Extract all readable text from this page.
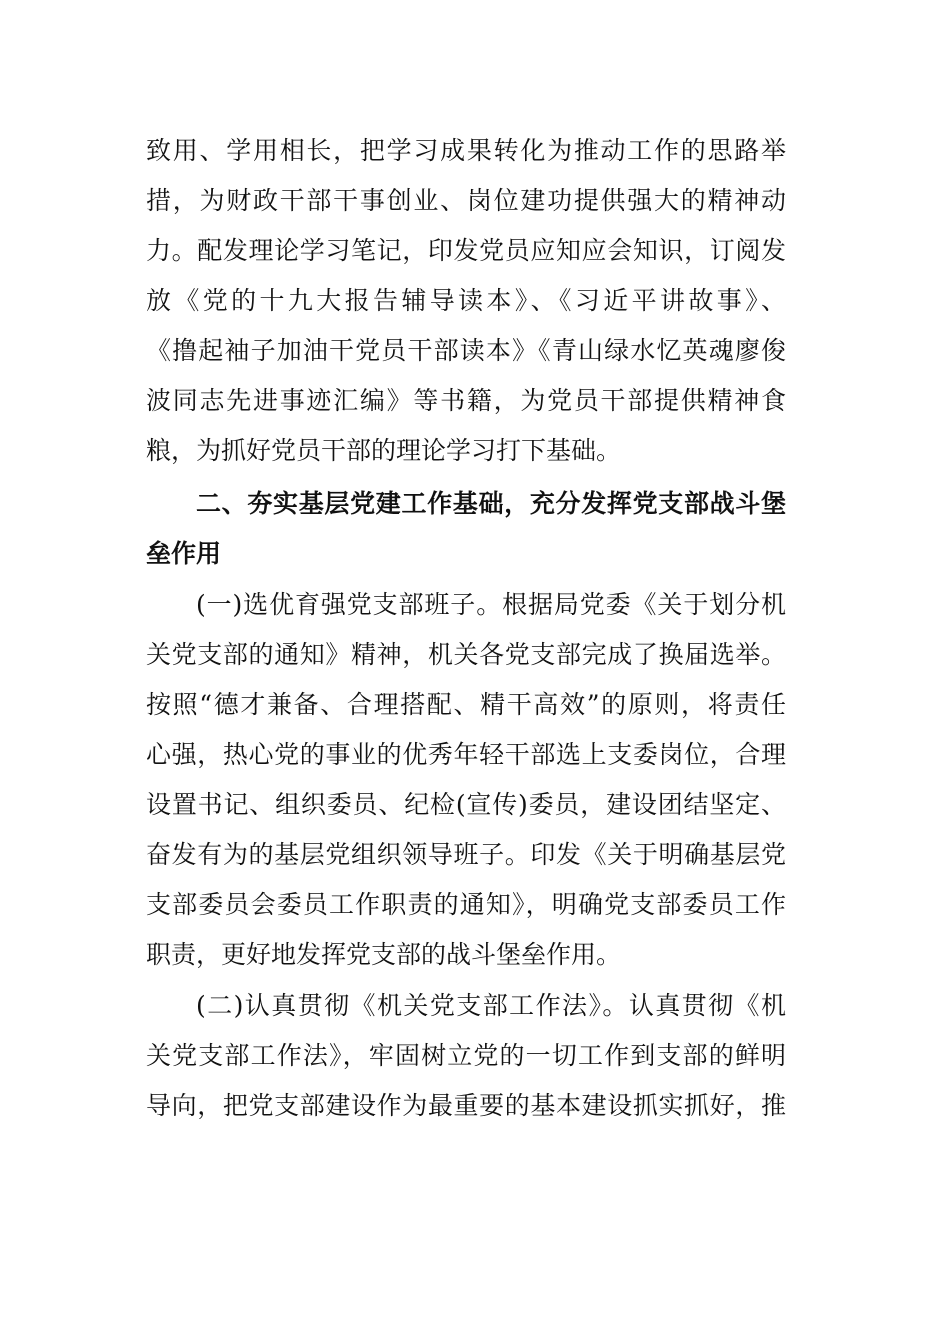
致用、学用相长，把学习成果转化为推动工作的思路举
措，为财政干部干事创业、岗位建功提供强大的精神动
力。配发理论学习笔记，印发党员应知应会知识，订阅发
放《党的十九大报告辅导读本》、《习近平讲故事》、
《撸起袖子加油干党员干部读本》《青山绿水忆英魂廖俊
波同志先进事迹汇编》等书籍，为党员干部提供精神食
粮，为抓好党员干部的理论学习打下基础。
二、夯实基层党建工作基础，充分发挥党支部战斗堡
垒作用
(一)选优育强党支部班子。根据局党委《关于划分机
关党支部的通知》精神，机关各党支部完成了换届选举。
按照“德才兼备、合理搭配、精干高效”的原则，将责任
心强，热心党的事业的优秀年轻干部选上支委岗位，合理
设置书记、组织委员、纪检(宣传)委员，建设团结坚定、
奋发有为的基层党组织领导班子。印发《关于明确基层党
支部委员会委员工作职责的通知》，明确党支部委员工作
职责，更好地发挥党支部的战斗堡垒作用。
(二)认真贯彻《机关党支部工作法》。认真贯彻《机
关党支部工作法》，牢固树立党的一切工作到支部的鲜明
导向，把党支部建设作为最重要的基本建设抓实抓好，推
